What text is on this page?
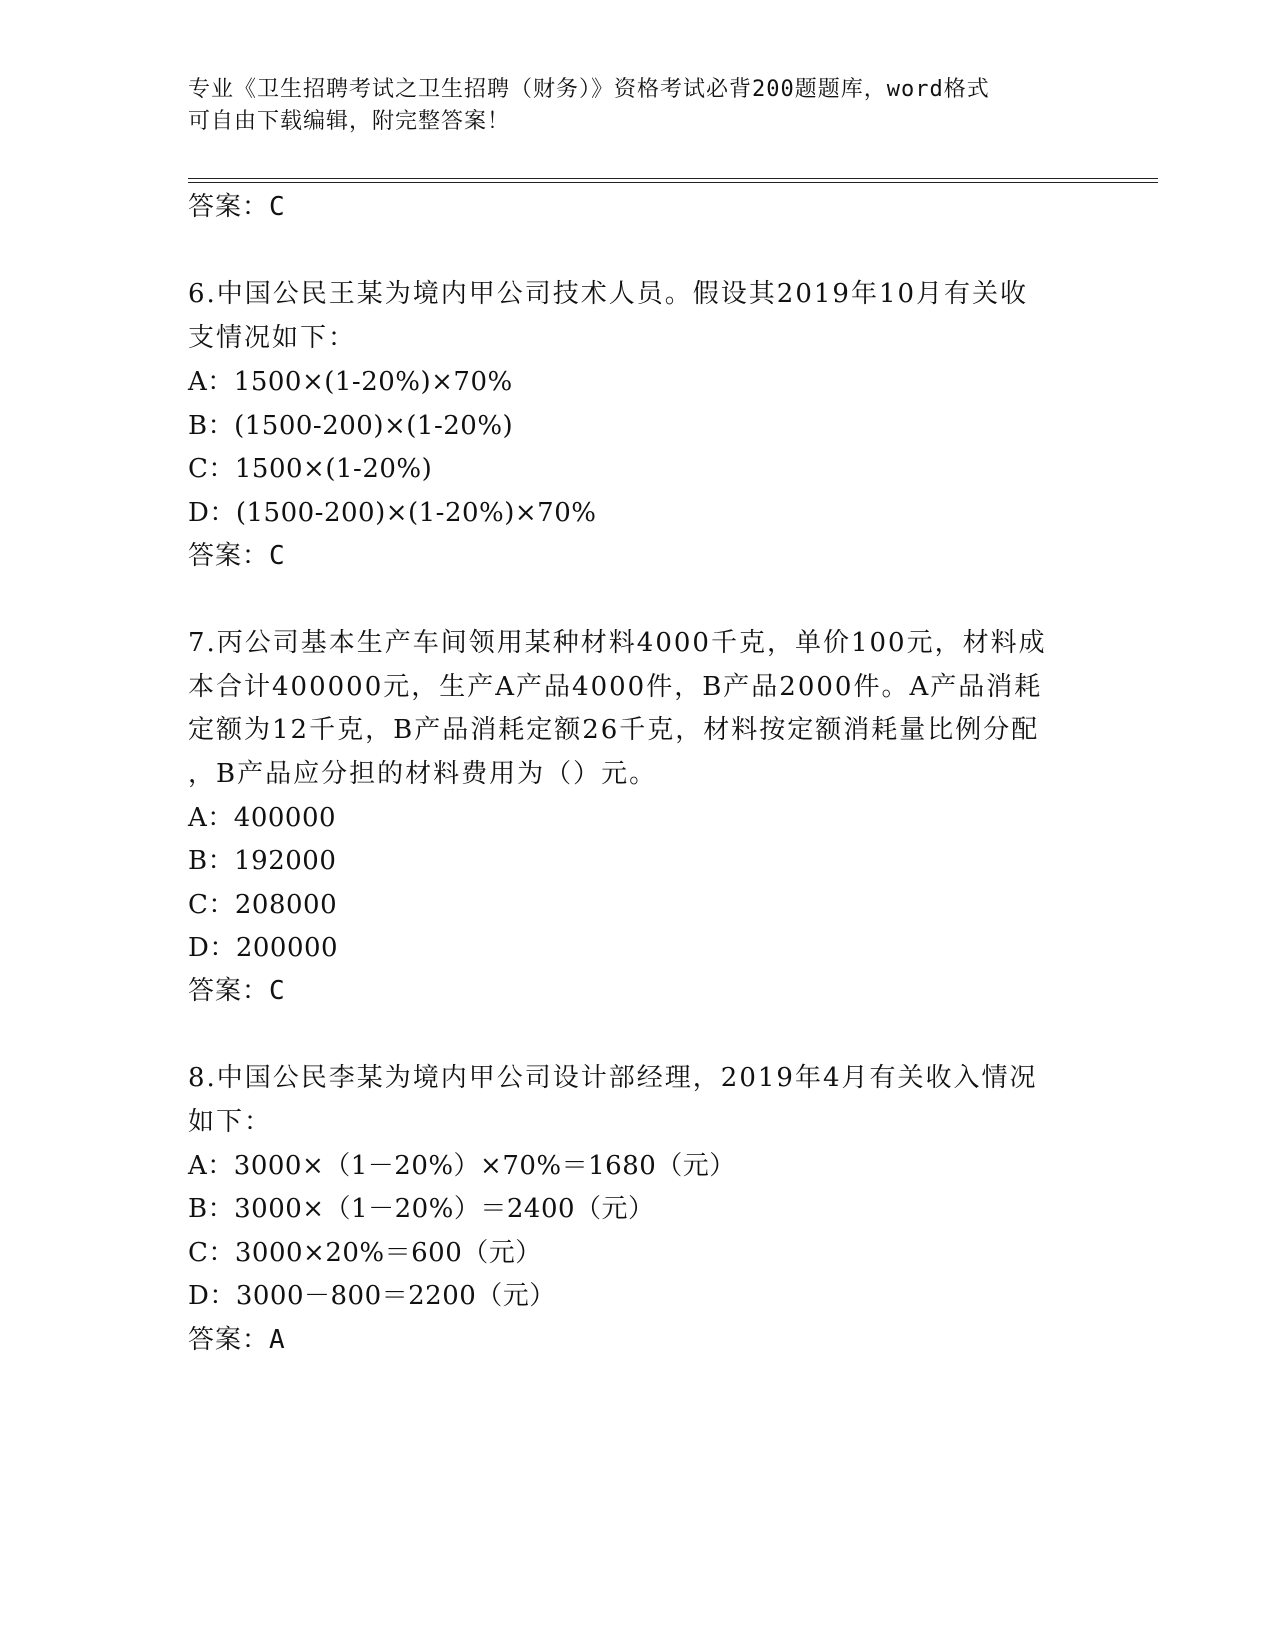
专业《卫生招聘考试之卫生招聘（财务）》资格考试必背200题题库，word格式
可自由下载编辑，附完整答案！
答案：C
6.中国公民王某为境内甲公司技术人员。假设其2019年10月有关收
支情况如下：
A：1500×(1-20%)×70%
B：(1500-200)×(1-20%)
C：1500×(1-20%)
D：(1500-200)×(1-20%)×70%
答案：C
7.丙公司基本生产车间领用某种材料4000千克，单价100元，材料成
本合计400000元，生产A产品4000件，B产品2000件。A产品消耗
定额为12千克，B产品消耗定额26千克，材料按定额消耗量比例分配
，B产品应分担的材料费用为（）元。
A：400000
B：192000
C：208000
D：200000
答案：C
8.中国公民李某为境内甲公司设计部经理，2019年4月有关收入情况
如下：
A：3000×（1－20%）×70%＝1680（元）
B：3000×（1－20%）＝2400（元）
C：3000×20%＝600（元）
D：3000－800＝2200（元）
答案：A
